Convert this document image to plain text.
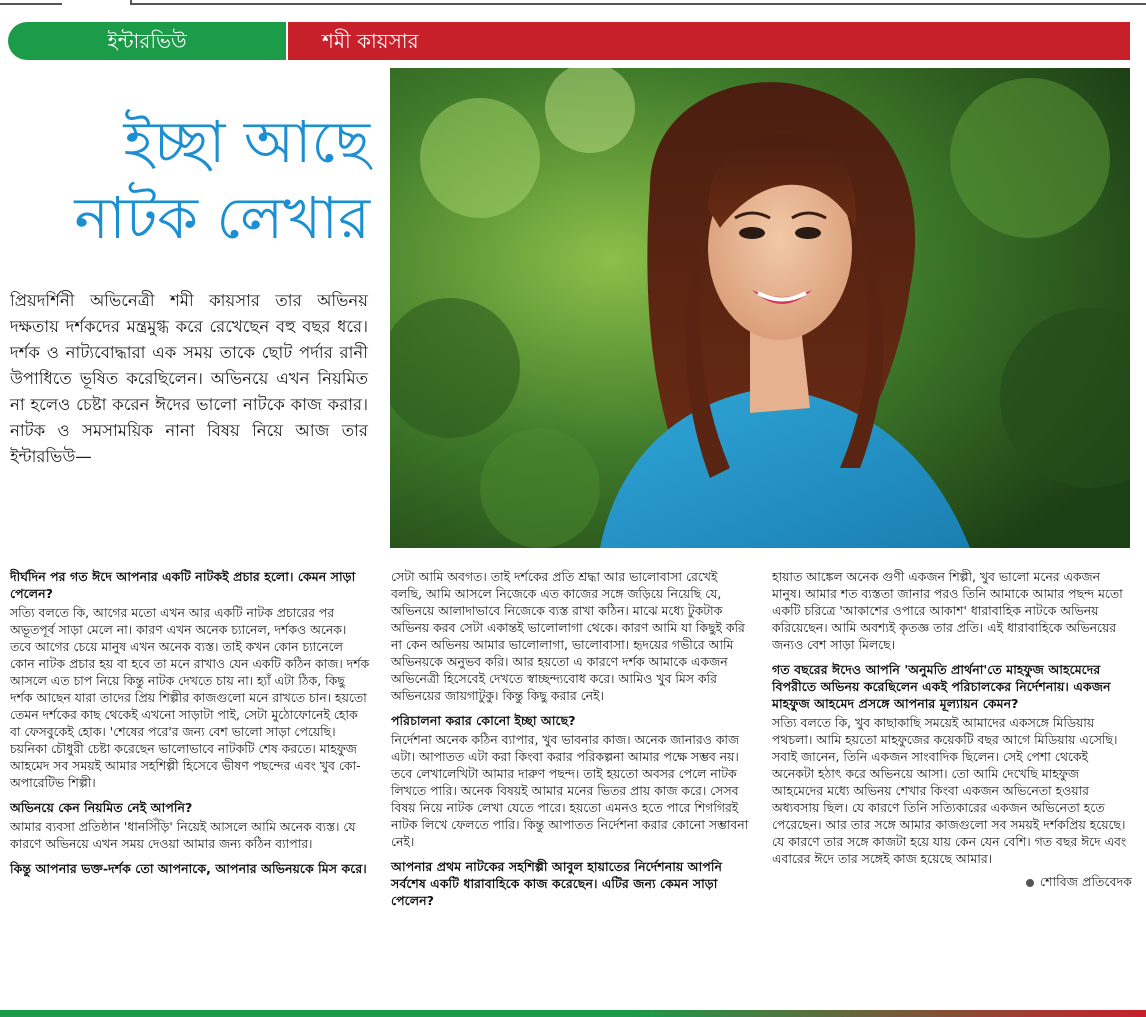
ইন্টারভিউ	শমী কায়সার
ইচ্ছা আছে
নাটক লেখার

প্রিয়দর্শিনী অভিনেত্রী শমী কায়সার তার অভিনয় দক্ষতায় দর্শকদের মন্ত্রমুগ্ধ করে রেখেছেন বহু বছর ধরে। দর্শক ও নাট্যবোদ্ধারা এক সময় তাকে ছোট পর্দার রানী উপাধিতে ভূষিত করেছিলেন। অভিনয়ে এখন নিয়মিত না হলেও চেষ্টা করেন ঈদের ভালো নাটকে কাজ করার। নাটক ও সমসাময়িক নানা বিষয় নিয়ে আজ তার ইন্টারভিউ—

দীর্ঘদিন পর গত ঈদে আপনার একটি নাটকই প্রচার হলো। কেমন সাড়া পেলেন?

সত্যি বলতে কি, আগের মতো এখন আর একটি নাটক প্রচারের পর অভূতপূর্ব সাড়া মেলে না। কারণ এখন অনেক চ্যানেল, দর্শকও অনেক। তবে আগের চেয়ে মানুষ এখন অনেক ব্যস্ত। তাই কখন কোন চ্যানেলে কোন নাটক প্রচার হয় বা হবে তা মনে রাখাও যেন একটি কঠিন কাজ। দর্শক আসলে এত চাপ নিয়ে কিন্তু নাটক দেখতে চায় না। হ্যাঁ এটা ঠিক, কিছু দর্শক আছেন যারা তাদের প্রিয় শিল্পীর কাজগুলো মনে রাখতে চান। হয়তো তেমন দর্শকের কাছ থেকেই এখনো সাড়াটা পাই, সেটা মুঠোফোনেই হোক বা ফেসবুকেই হোক। 'শেষের পরে'র জন্য বেশ ভালো সাড়া পেয়েছি। চয়নিকা চৌধুরী চেষ্টা করেছেন ভালোভাবে নাটকটি শেষ করতে। মাহফুজ আহমেদ সব সময়ই আমার সহশিল্পী হিসেবে ভীষণ পছন্দের এবং খুব কো-অপারেটিভ শিল্পী।

অভিনয়ে কেন নিয়মিত নেই আপনি?

আমার ব্যবসা প্রতিষ্ঠান 'ধানসিঁড়ি' নিয়েই আসলে আমি অনেক ব্যস্ত। যে কারণে অভিনয়ে এখন সময় দেওয়া আমার জন্য কঠিন ব্যাপার।

কিন্তু আপনার ভক্ত-দর্শক তো আপনাকে, আপনার অভিনয়কে মিস করে।

সেটা আমি অবগত। তাই দর্শকের প্রতি শ্রদ্ধা আর ভালোবাসা রেখেই বলছি, আমি আসলে নিজেকে এত কাজের সঙ্গে জড়িয়ে নিয়েছি যে, অভিনয়ে আলাদাভাবে নিজেকে ব্যস্ত রাখা কঠিন। মাঝে মধ্যে টুকটাক অভিনয় করব সেটা একান্তই ভালোলাগা থেকে। কারণ আমি যা কিছুই করি না কেন অভিনয় আমার ভালোলাগা, ভালোবাসা। হৃদয়ের গভীরে আমি অভিনয়কে অনুভব করি। আর হয়তো এ কারণে দর্শক আমাকে একজন অভিনেত্রী হিসেবেই দেখতে স্বাচ্ছন্দ্যবোধ করে। আমিও খুব মিস করি অভিনয়ের জায়গাটুকু। কিন্তু কিছু করার নেই।

পরিচালনা করার কোনো ইচ্ছা আছে?

নির্দেশনা অনেক কঠিন ব্যাপার, খুব ভাবনার কাজ। অনেক জানারও কাজ এটা। আপাতত এটা করা কিংবা করার পরিকল্পনা আমার পক্ষে সম্ভব নয়। তবে লেখালেখিটা আমার দারুণ পছন্দ। তাই হয়তো অবসর পেলে নাটক লিখতে পারি। অনেক বিষয়ই আমার মনের ভিতর প্রায় কাজ করে। সেসব বিষয় নিয়ে নাটক লেখা যেতে পারে। হয়তো এমনও হতে পারে শিগগিরই নাটক লিখে ফেলতে পারি। কিন্তু আপাতত নির্দেশনা করার কোনো সম্ভাবনা নেই।

আপনার প্রথম নাটকের সহশিল্পী আবুল হায়াতের নির্দেশনায় আপনি সর্বশেষ একটি ধারাবাহিকে কাজ করেছেন। এটির জন্য কেমন সাড়া পেলেন?

হায়াত আঙ্কেল অনেক গুণী একজন শিল্পী, খুব ভালো মনের একজন মানুষ। আমার শত ব্যস্ততা জানার পরও তিনি আমাকে আমার পছন্দ মতো একটি চরিত্রে 'আকাশের ওপারে আকাশ' ধারাবাহিক নাটকে অভিনয় করিয়েছেন। আমি অবশ্যই কৃতজ্ঞ তার প্রতি। এই ধারাবাহিকে অভিনয়ের জন্যও বেশ সাড়া মিলছে।

গত বছরের ঈদেও আপনি 'অনুমতি প্রার্থনা'তে মাহফুজ আহমেদের বিপরীতে অভিনয় করেছিলেন একই পরিচালকের নির্দেশনায়। একজন মাহফুজ আহমেদ প্রসঙ্গে আপনার মূল্যায়ন কেমন?

সত্যি বলতে কি, খুব কাছাকাছি সময়েই আমাদের একসঙ্গে মিডিয়ায় পথচলা। আমি হয়তো মাহফুজের কয়েকটি বছর আগে মিডিয়ায় এসেছি। সবাই জানেন, তিনি একজন সাংবাদিক ছিলেন। সেই পেশা থেকেই অনেকটা হঠাৎ করে অভিনয়ে আসা। তো আমি দেখেছি মাহফুজ আহমেদের মধ্যে অভিনয় শেখার কিংবা একজন অভিনেতা হওয়ার অধ্যবসায় ছিল। যে কারণে তিনি সত্যিকারের একজন অভিনেতা হতে পেরেছেন। আর তার সঙ্গে আমার কাজগুলো সব সময়ই দর্শকপ্রিয় হয়েছে। যে কারণে তার সঙ্গে কাজটা হয়ে যায় কেন যেন বেশি। গত বছর ঈদে এবং এবারের ঈদে তার সঙ্গেই কাজ হয়েছে আমার।

শোবিজ প্রতিবেদক
